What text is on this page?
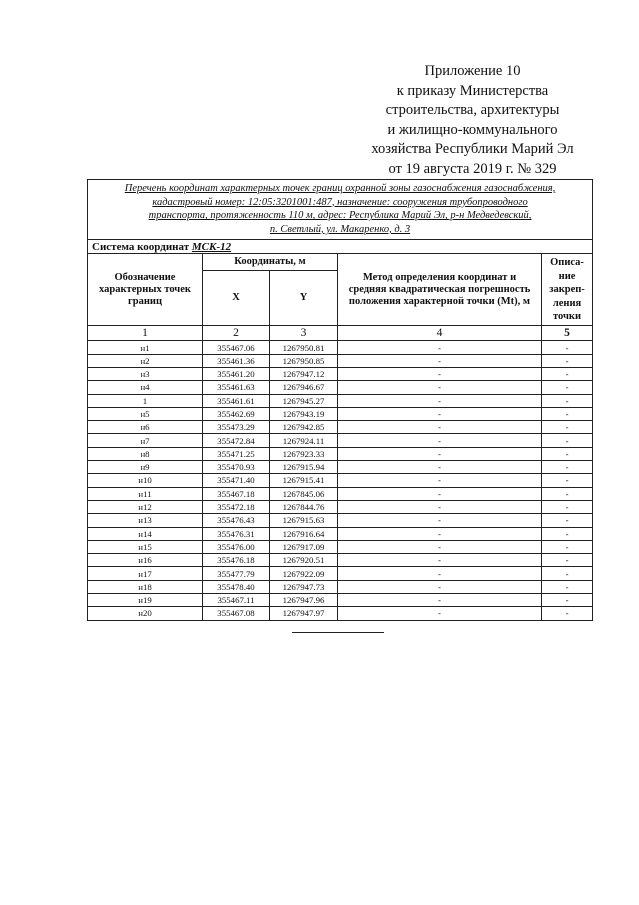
Приложение 10
к приказу Министерства
строительства, архитектуры
и жилищно-коммунального
хозяйства Республики Марий Эл
от 19 августа 2019 г. № 329
Перечень координат характерных точек границ охранной зоны газоснабжения газоснабжения,
кадастровый номер: 12:05:3201001:487, назначение: сооружения трубопроводного
транспорта, протяженность 110 м, адрес: Республика Марий Эл, р-н Медведевский,
п. Светлый, ул. Макаренко, д. 3				

Система координат МСК-12				
Обозначение характерных точек границ	Координаты, м		Метод определения координат и средняя квадратическая погрешность положения характерной точки (Mt), м	Описа-ние закреп-ления точки
	X	Y		
1	2	3	4	5
н1	355467.06	1267950.81	-	-
н2	355461.36	1267950.85	-	-
н3	355461.20	1267947.12	-	-
н4	355461.63	1267946.67	-	-
1	355461.61	1267945.27	-	-
н5	355462.69	1267943.19	-	-
н6	355473.29	1267942.85	-	-
н7	355472.84	1267924.11	-	-
н8	355471.25	1267923.33	-	-
н9	355470.93	1267915.94	-	-
н10	355471.40	1267915.41	-	-
н11	355467.18	1267845.06	-	-
н12	355472.18	1267844.76	-	-
н13	355476.43	1267915.63	-	-
н14	355476.31	1267916.64	-	-
н15	355476.00	1267917.09	-	-
н16	355476.18	1267920.51	-	-
н17	355477.79	1267922.09	-	-
н18	355478.40	1267947.73	-	-
н19	355467.11	1267947.96	-	-
н20	355467.08	1267947.97	-	-
